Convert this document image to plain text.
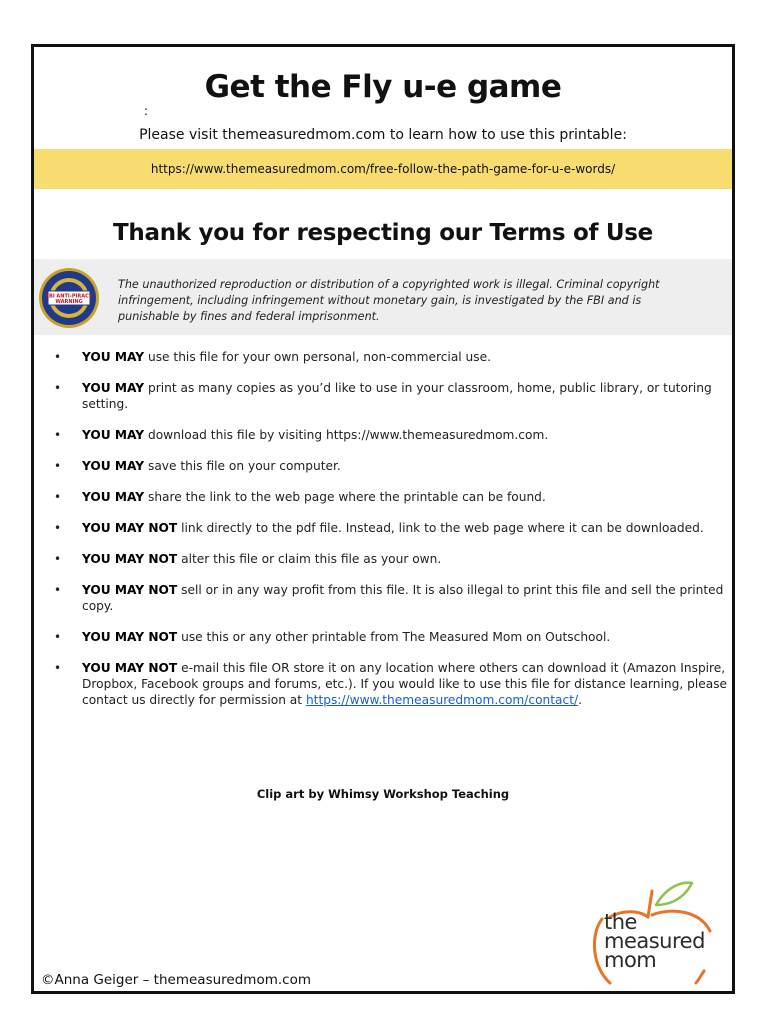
Get the Fly u-e game
:
Please visit themeasuredmom.com to learn how to use this printable:
https://www.themeasuredmom.com/free-follow-the-path-game-for-u-e-words/
Thank you for respecting our Terms of Use
FBI ANTI-PIRACY
WARNING
The unauthorized reproduction or distribution of a copyrighted work is illegal. Criminal copyright infringement, including infringement without monetary gain, is investigated by the FBI and is punishable by fines and federal imprisonment.
• YOU MAY use this file for your own personal, non-commercial use.
• YOU MAY print as many copies as you’d like to use in your classroom, home, public library, or tutoring setting.
• YOU MAY download this file by visiting https://www.themeasuredmom.com.
• YOU MAY save this file on your computer.
• YOU MAY share the link to the web page where the printable can be found.
• YOU MAY NOT link directly to the pdf file. Instead, link to the web page where it can be downloaded.
• YOU MAY NOT alter this file or claim this file as your own.
• YOU MAY NOT sell or in any way profit from this file. It is also illegal to print this file and sell the printed copy.
• YOU MAY NOT use this or any other printable from The Measured Mom on Outschool.
• YOU MAY NOT e-mail this file OR store it on any location where others can download it (Amazon Inspire, Dropbox, Facebook groups and forums, etc.). If you would like to use this file for distance learning, please contact us directly for permission at https://www.themeasuredmom.com/contact/.
Clip art by Whimsy Workshop Teaching
©Anna Geiger – themeasuredmom.com
the
measured
mom
